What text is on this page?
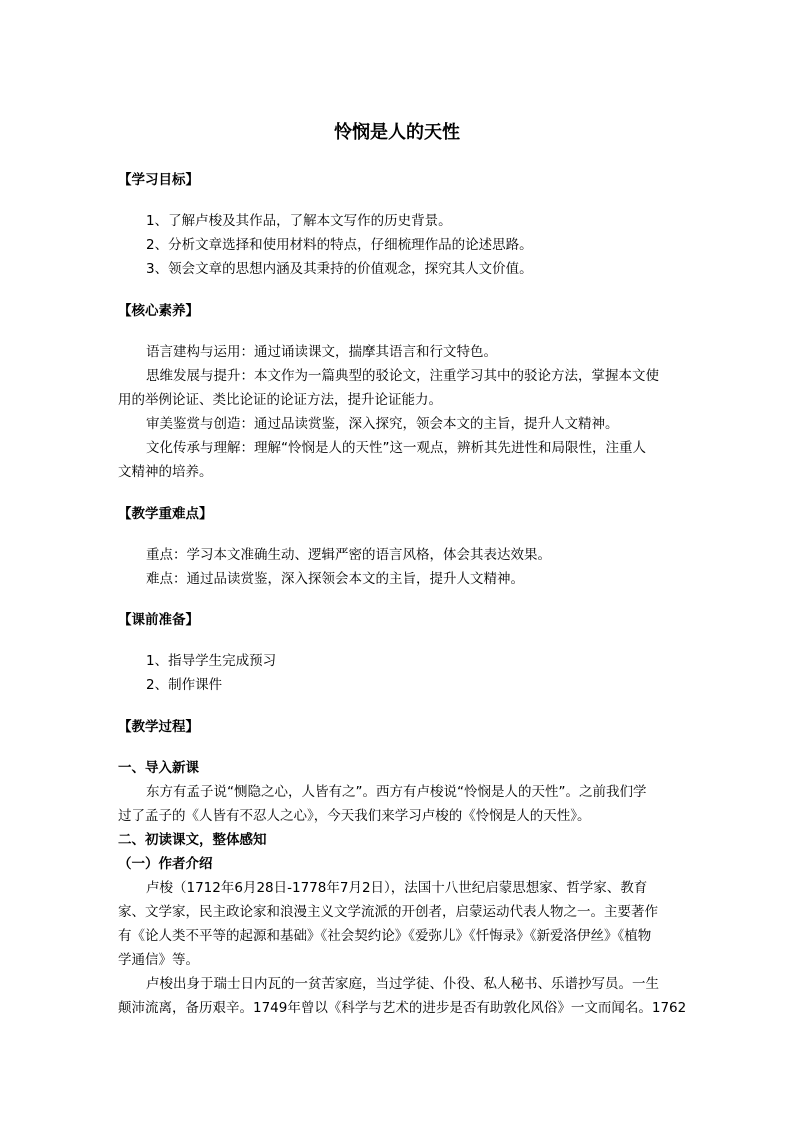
怜悯是人的天性
【学习目标】
1、了解卢梭及其作品，了解本文写作的历史背景。
2、分析文章选择和使用材料的特点，仔细梳理作品的论述思路。
3、领会文章的思想内涵及其秉持的价值观念，探究其人文价值。
【核心素养】
语言建构与运用：通过诵读课文，揣摩其语言和行文特色。
思维发展与提升：本文作为一篇典型的驳论文，注重学习其中的驳论方法，掌握本文使
用的举例论证、类比论证的论证方法，提升论证能力。
审美鉴赏与创造：通过品读赏鉴，深入探究，领会本文的主旨，提升人文精神。
文化传承与理解：理解“怜悯是人的天性”这一观点，辨析其先进性和局限性，注重人
文精神的培养。
【教学重难点】
重点：学习本文准确生动、逻辑严密的语言风格，体会其表达效果。
难点：通过品读赏鉴，深入探领会本文的主旨，提升人文精神。
【课前准备】
1、指导学生完成预习
2、制作课件
【教学过程】
一、导入新课
东方有孟子说“恻隐之心，人皆有之”。西方有卢梭说“怜悯是人的天性”。之前我们学
过了孟子的《人皆有不忍人之心》，今天我们来学习卢梭的《怜悯是人的天性》。
二、初读课文，整体感知
（一）作者介绍
卢梭（1712年6月28日-1778年7月2日），法国十八世纪启蒙思想家、哲学家、教育
家、文学家，民主政论家和浪漫主义文学流派的开创者，启蒙运动代表人物之一。主要著作
有《论人类不平等的起源和基础》《社会契约论》《爱弥儿》《忏悔录》《新爱洛伊丝》《植物
学通信》等。
卢梭出身于瑞士日内瓦的一贫苦家庭，当过学徒、仆役、私人秘书、乐谱抄写员。一生
颠沛流离，备历艰辛。1749年曾以《科学与艺术的进步是否有助敦化风俗》一文而闻名。1762
